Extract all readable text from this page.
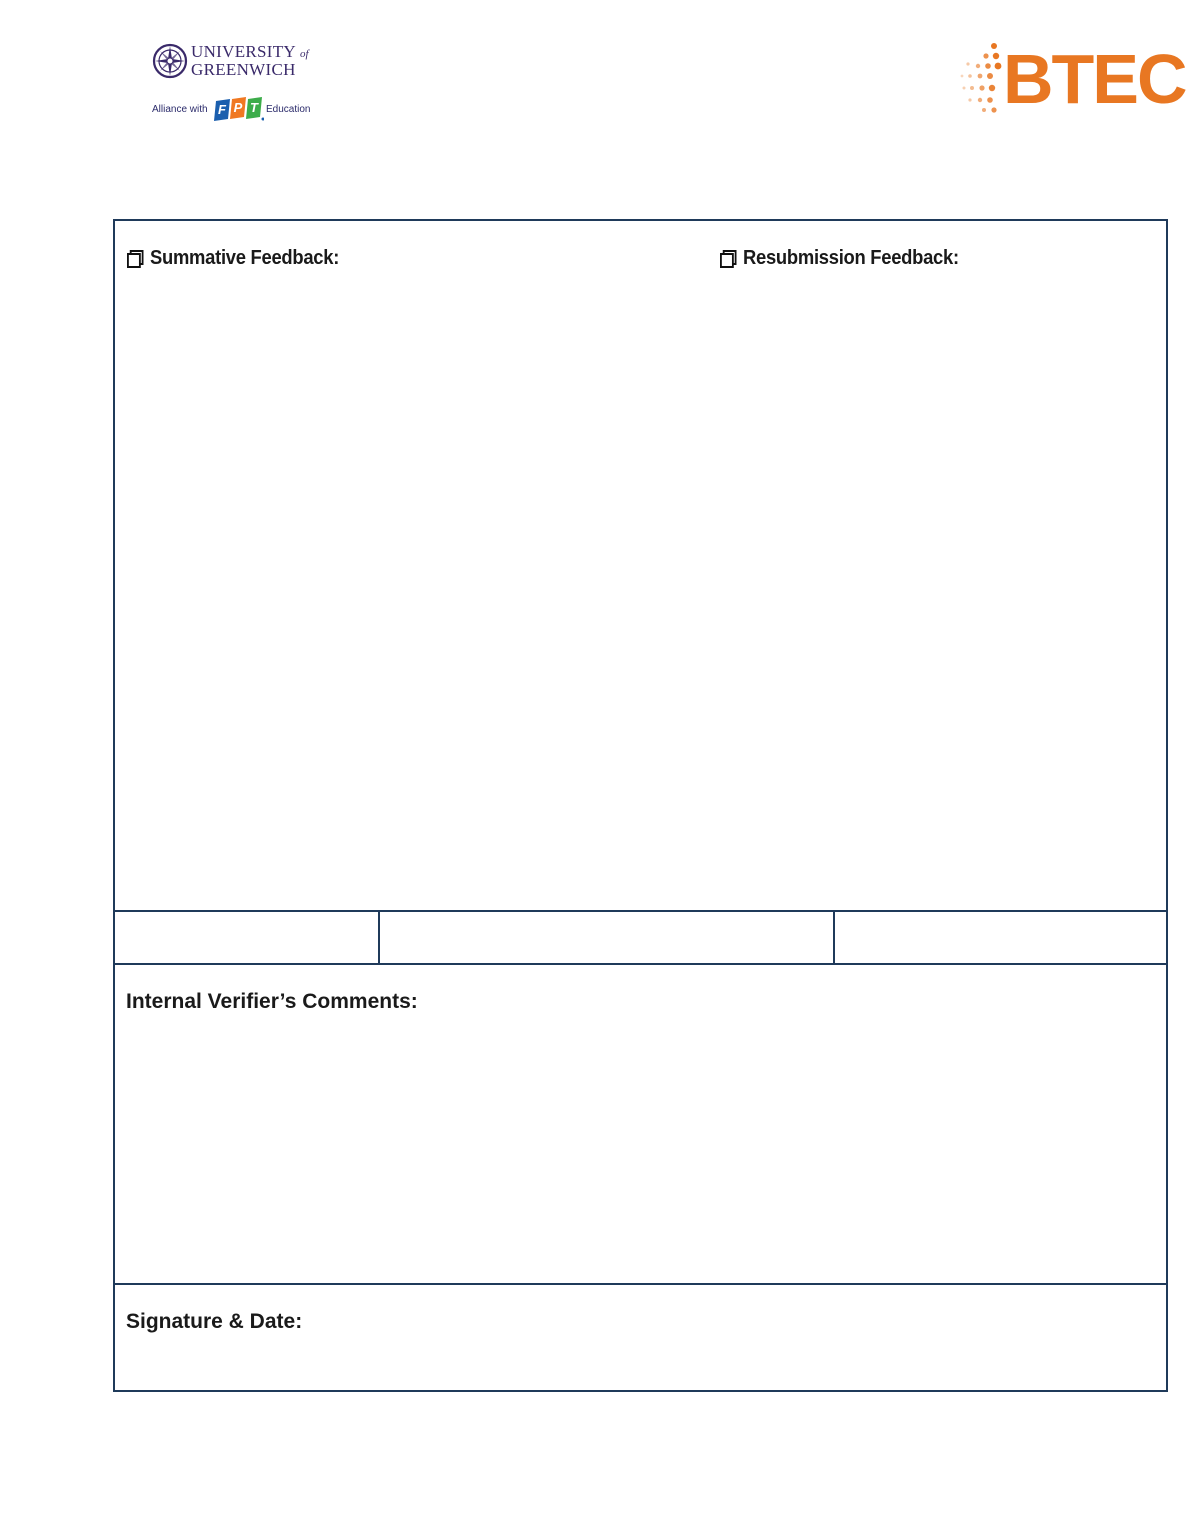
UNIVERSITY of
GREENWICH
Alliance with F P T Education	BTEC
Summative Feedback:	Resubmission Feedback:
Internal Verifier’s Comments:
Signature & Date:
